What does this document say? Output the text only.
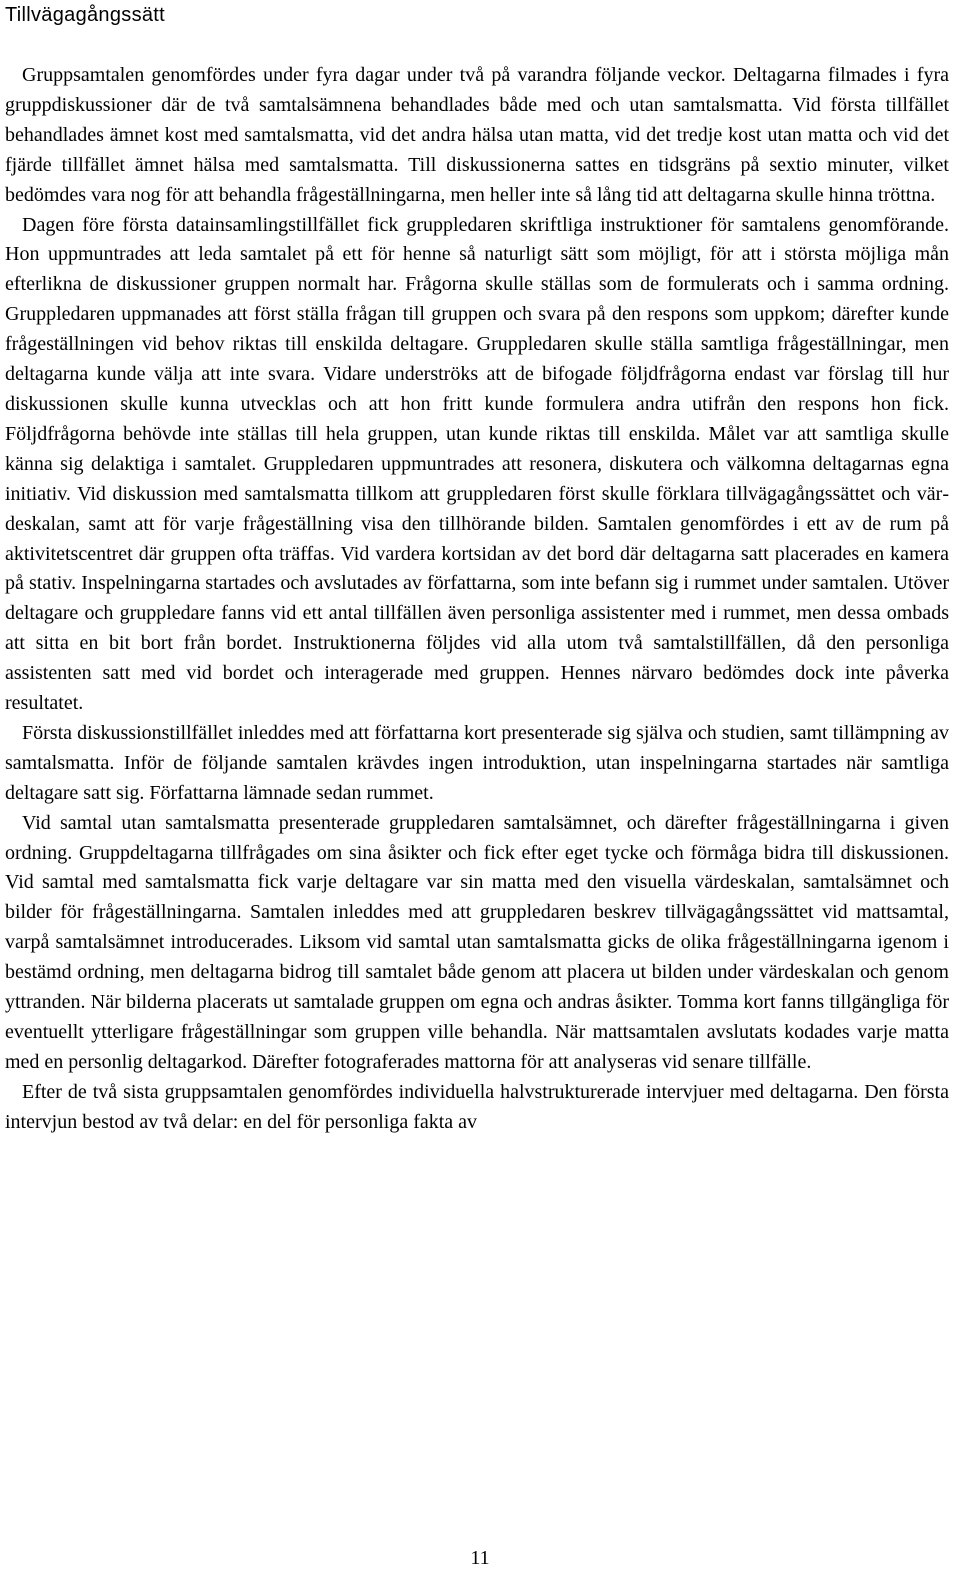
Tillvägagångssätt

Gruppsamtalen genomfördes under fyra dagar under två på varandra följande veckor. Deltagarna filmades i fyra gruppdiskussioner där de två samtalsämnena behandlades både med och utan samtalsmatta. Vid första tillfället behandlades ämnet kost med samtalsmatta, vid det andra hälsa utan matta, vid det tredje kost utan matta och vid det fjärde tillfället ämnet hälsa med samtalsmatta. Till diskussionerna sattes en tidsgräns på sextio minuter, vilket bedömdes vara nog för att behandla frågeställningarna, men heller inte så lång tid att deltagarna skulle hinna tröttna.

Dagen före första datainsamlingstillfället fick gruppledaren skriftliga instruktioner för samtalens genomförande. Hon uppmuntrades att leda samtalet på ett för henne så naturligt sätt som möjligt, för att i största möjliga mån efterlikna de diskussioner gruppen normalt har. Frågorna skulle ställas som de formulerats och i samma ordning. Gruppledaren uppmanades att först ställa frågan till gruppen och svara på den respons som uppkom; därefter kunde frågeställningen vid behov riktas till enskilda deltagare. Gruppledaren skulle ställa samtliga frågeställningar, men deltagarna kunde välja att inte svara. Vidare underströks att de bifogade följdfrågorna endast var förslag till hur diskussionen skulle kunna utvecklas och att hon fritt kunde formulera andra utifrån den respons hon fick. Följdfrågorna behövde inte ställas till hela gruppen, utan kunde riktas till enskilda. Målet var att samtliga skulle känna sig delaktiga i samtalet. Gruppledaren uppmuntrades att resonera, diskutera och välkomna deltagarnas egna initiativ. Vid diskussion med samtalsmatta tillkom att gruppledaren först skulle förklara tillvägagångssättet och värdeskalan, samt att för varje frågeställning visa den tillhörande bilden. Samtalen genomfördes i ett av de rum på aktivitetscentret där gruppen ofta träffas. Vid vardera kortsidan av det bord där deltagarna satt placerades en kamera på stativ. Inspelningarna startades och avslutades av författarna, som inte befann sig i rummet under samtalen. Utöver deltagare och gruppledare fanns vid ett antal tillfällen även personliga assistenter med i rummet, men dessa ombads att sitta en bit bort från bordet. Instruktionerna följdes vid alla utom två samtalstillfällen, då den personliga assistenten satt med vid bordet och interagerade med gruppen. Hennes närvaro bedömdes dock inte påverka resultatet.

Första diskussionstillfället inleddes med att författarna kort presenterade sig själva och studien, samt tillämpning av samtalsmatta. Inför de följande samtalen krävdes ingen introduktion, utan inspelningarna startades när samtliga deltagare satt sig. Författarna lämnade sedan rummet.

Vid samtal utan samtalsmatta presenterade gruppledaren samtalsämnet, och därefter frågeställningarna i given ordning. Gruppdeltagarna tillfrågades om sina åsikter och fick efter eget tycke och förmåga bidra till diskussionen. Vid samtal med samtalsmatta fick varje deltagare var sin matta med den visuella värdeskalan, samtalsämnet och bilder för frågeställningarna. Samtalen inleddes med att gruppledaren beskrev tillvägagångssättet vid mattsamtal, varpå samtalsämnet introducerades. Liksom vid samtal utan samtalsmatta gicks de olika frågeställningarna igenom i bestämd ordning, men deltagarna bidrog till samtalet både genom att placera ut bilden under värdeskalan och genom yttranden. När bilderna placerats ut samtalade gruppen om egna och andras åsikter. Tomma kort fanns tillgängliga för eventuellt ytterligare frågeställningar som gruppen ville behandla. När mattsamtalen avslutats kodades varje matta med en personlig deltagarkod. Därefter fotograferades mattorna för att analyseras vid senare tillfälle.

Efter de två sista gruppsamtalen genomfördes individuella halvstrukturerade intervjuer med deltagarna. Den första intervjun bestod av två delar: en del för personliga fakta av

11
